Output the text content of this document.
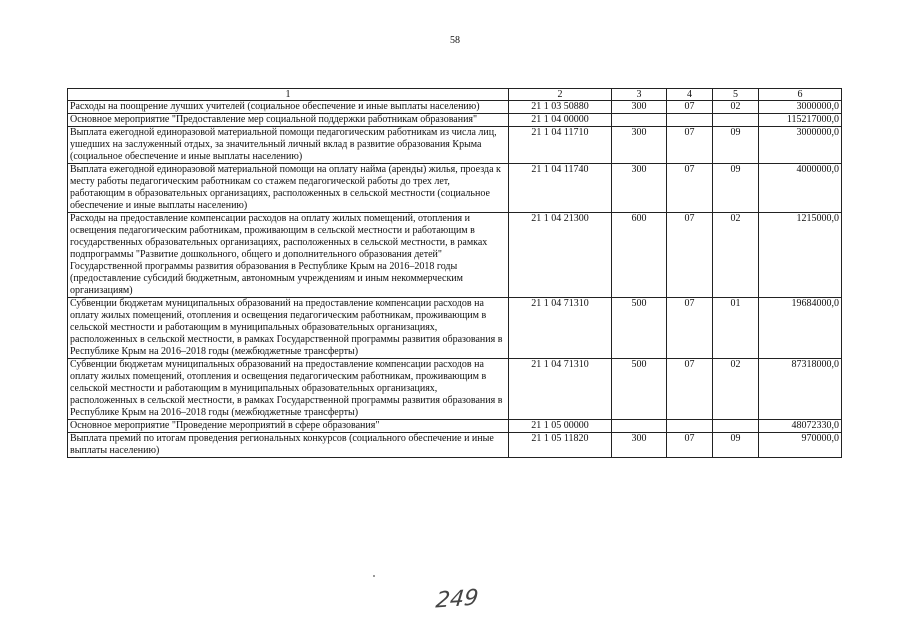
58
1	2	3	4	5	6
Расходы на поощрение лучших учителей (социальное обеспечение и иные выплаты населению)	21 1 03 50880	300	07	02	3000000,0
Основное мероприятие "Предоставление мер социальной поддержки работникам образования"	21 1 04 00000				115217000,0
Выплата ежегодной единоразовой материальной помощи педагогическим работникам из числа лиц, ушедших на заслуженный отдых, за значительный личный вклад в развитие образования Крыма (социальное обеспечение и иные выплаты населению)	21 1 04 11710	300	07	09	3000000,0
Выплата ежегодной единоразовой материальной помощи на оплату найма (аренды) жилья, проезда к месту работы педагогическим работникам со стажем педагогической работы до трех лет, работающим в образовательных организациях, расположенных в сельской местности (социальное обеспечение и иные выплаты населению)	21 1 04 11740	300	07	09	4000000,0
Расходы на предоставление компенсации расходов на оплату жилых помещений, отопления и освещения педагогическим работникам, проживающим в сельской местности и работающим в государственных образовательных организациях, расположенных в сельской местности, в рамках подпрограммы "Развитие дошкольного, общего и дополнительного образования детей" Государственной программы развития образования в Республике Крым на 2016–2018 годы (предоставление субсидий бюджетным, автономным учреждениям и иным некоммерческим организациям)	21 1 04 21300	600	07	02	1215000,0
Субвенции бюджетам муниципальных образований на предоставление компенсации расходов на оплату жилых помещений, отопления и освещения педагогическим работникам, проживающим в сельской местности и работающим в муниципальных образовательных организациях, расположенных в сельской местности, в рамках Государственной программы развития образования в Республике Крым на 2016–2018 годы (межбюджетные трансферты)	21 1 04 71310	500	07	01	19684000,0
Субвенции бюджетам муниципальных образований на предоставление компенсации расходов на оплату жилых помещений, отопления и освещения педагогическим работникам, проживающим в сельской местности и работающим в муниципальных образовательных организациях, расположенных в сельской местности, в рамках Государственной программы развития образования в Республике Крым на 2016–2018 годы (межбюджетные трансферты)	21 1 04 71310	500	07	02	87318000,0
Основное мероприятие "Проведение мероприятий в сфере образования"	21 1 05 00000				48072330,0
Выплата премий по итогам проведения региональных конкурсов (социального обеспечение и иные выплаты населению)	21 1 05 11820	300	07	09	970000,0
249
